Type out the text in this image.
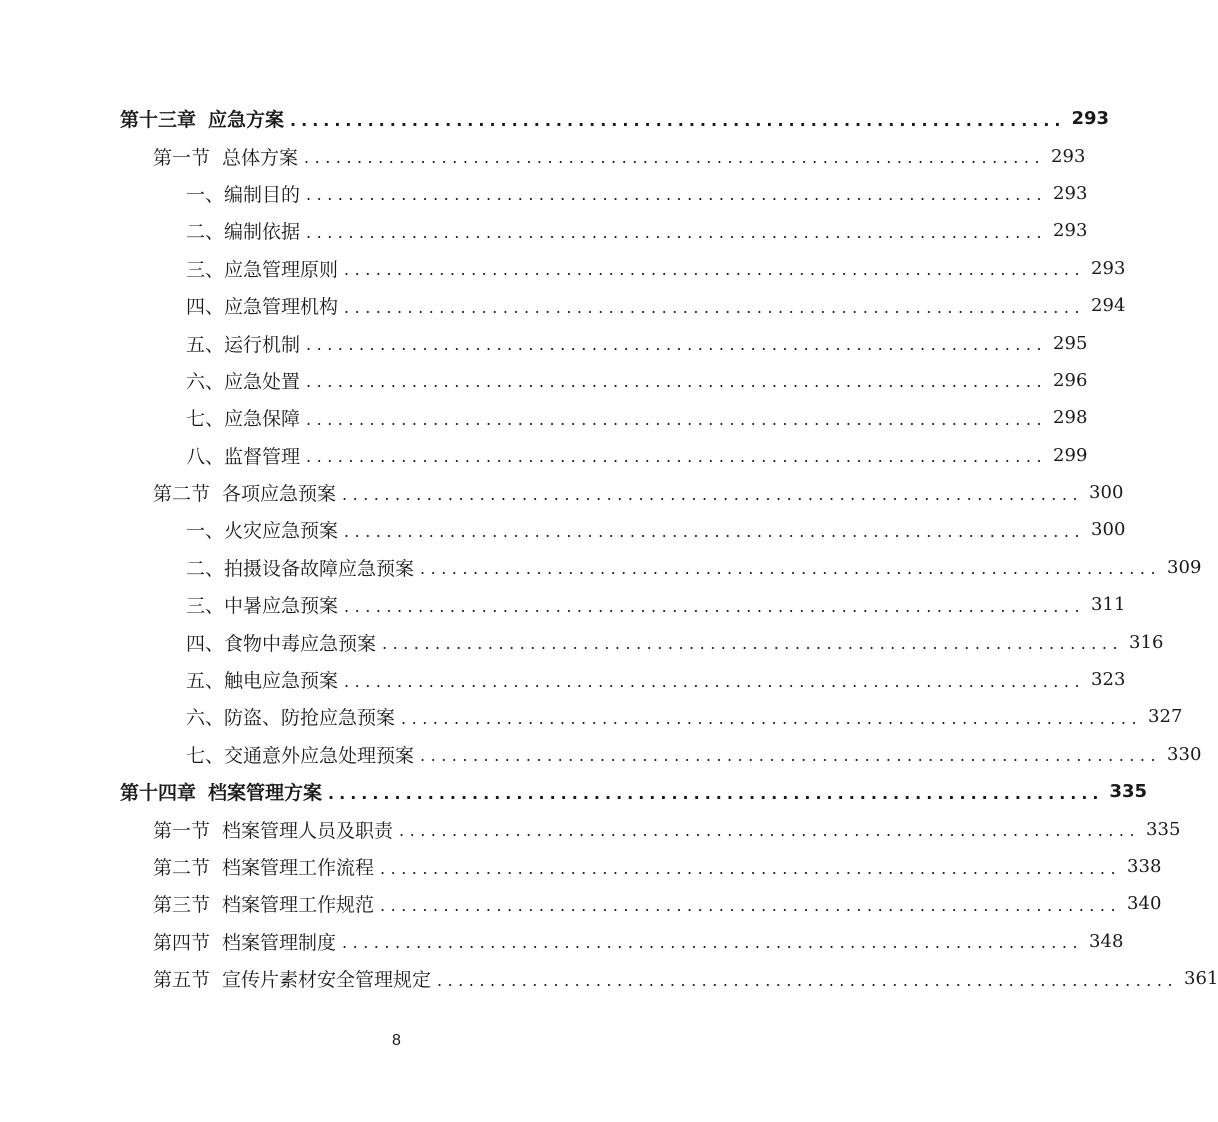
第十三章 应急方案 ...................................................................... 293
第一节 总体方案 ...................................................................... 293
一、编制目的 ...................................................................... 293
二、编制依据 ...................................................................... 293
三、应急管理原则 ...................................................................... 293
四、应急管理机构 ...................................................................... 294
五、运行机制 ...................................................................... 295
六、应急处置 ...................................................................... 296
七、应急保障 ...................................................................... 298
八、监督管理 ...................................................................... 299
第二节 各项应急预案 ...................................................................... 300
一、火灾应急预案 ...................................................................... 300
二、拍摄设备故障应急预案 ...................................................................... 309
三、中暑应急预案 ...................................................................... 311
四、食物中毒应急预案 ...................................................................... 316
五、触电应急预案 ...................................................................... 323
六、防盗、防抢应急预案 ...................................................................... 327
七、交通意外应急处理预案 ...................................................................... 330
第十四章 档案管理方案 ...................................................................... 335
第一节 档案管理人员及职责 ...................................................................... 335
第二节 档案管理工作流程 ...................................................................... 338
第三节 档案管理工作规范 ...................................................................... 340
第四节 档案管理制度 ...................................................................... 348
第五节 宣传片素材安全管理规定 ...................................................................... 361
8
